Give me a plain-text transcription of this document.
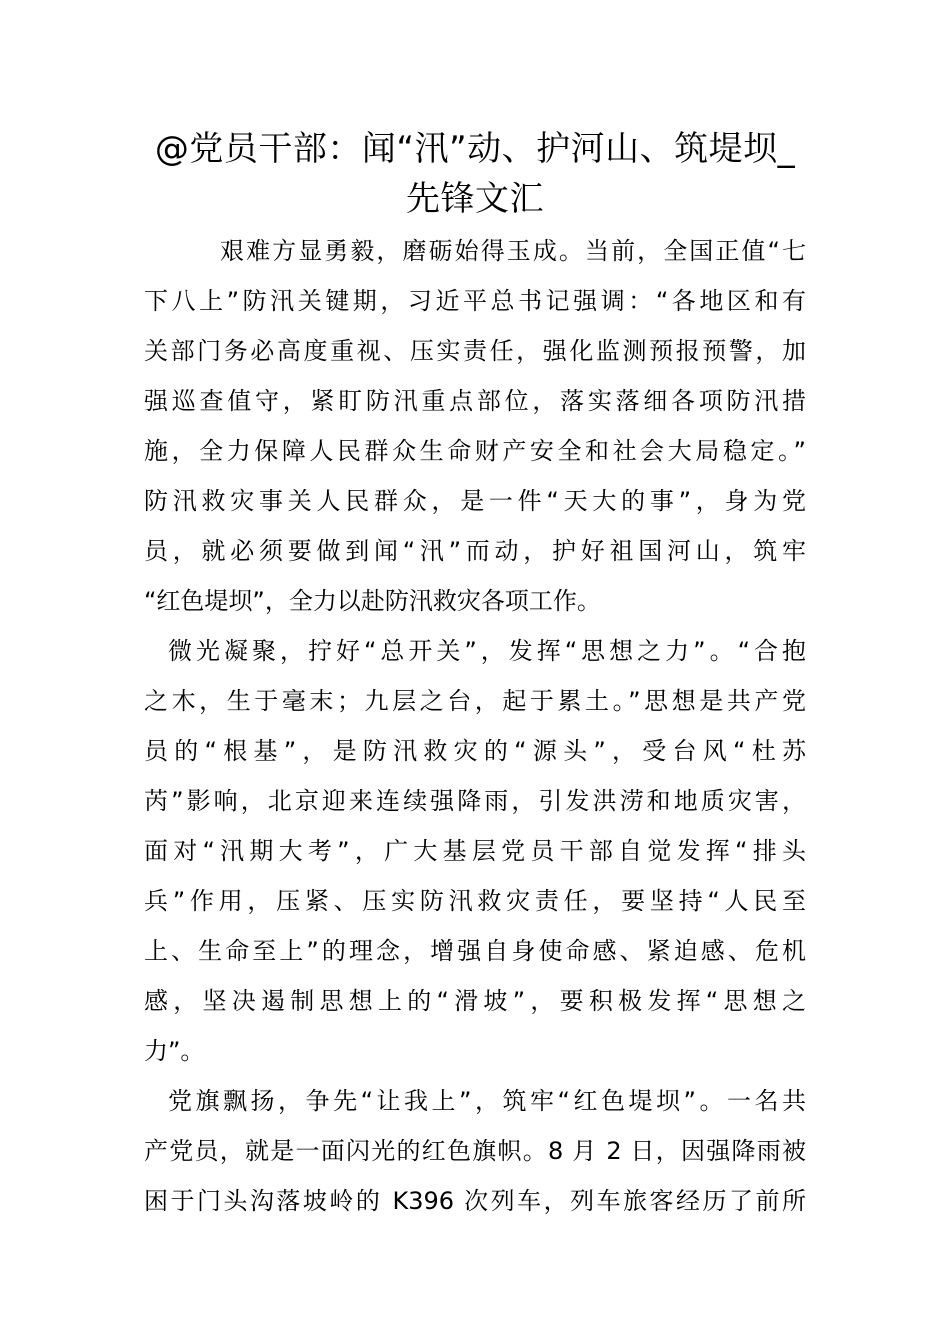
@党员干部：闻“汛”动、护河山、筑堤坝_先锋文汇
艰难方显勇毅，磨砺始得玉成。当前，全国正值“七
下八上”防汛关键期，习近平总书记强调：“各地区和有
关部门务必高度重视、压实责任，强化监测预报预警，加
强巡查值守，紧盯防汛重点部位，落实落细各项防汛措
施，全力保障人民群众生命财产安全和社会大局稳定。”
防汛救灾事关人民群众，是一件“天大的事”，身为党
员，就必须要做到闻“汛”而动，护好祖国河山，筑牢
“红色堤坝”，全力以赴防汛救灾各项工作。
微光凝聚，拧好“总开关”，发挥“思想之力”。“合抱
之木，生于毫末；九层之台，起于累土。”思想是共产党
员的“根基”，是防汛救灾的“源头”，受台风“杜苏
芮”影响，北京迎来连续强降雨，引发洪涝和地质灾害，
面对“汛期大考”，广大基层党员干部自觉发挥“排头
兵”作用，压紧、压实防汛救灾责任，要坚持“人民至
上、生命至上”的理念，增强自身使命感、紧迫感、危机
感，坚决遏制思想上的“滑坡”，要积极发挥“思想之
力”。
党旗飘扬，争先“让我上”，筑牢“红色堤坝”。一名共
产党员，就是一面闪光的红色旗帜。8 月 2 日，因强降雨被
困于门头沟落坡岭的 K396 次列车，列车旅客经历了前所
